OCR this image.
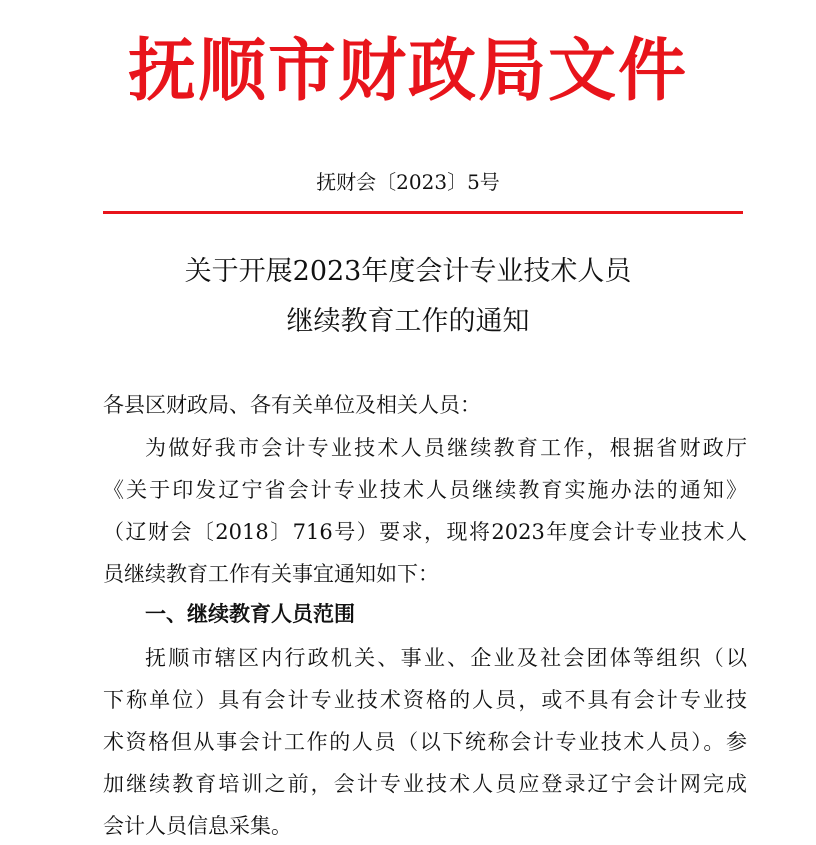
抚顺市财政局文件
抚财会〔2023〕5号
关于开展2023年度会计专业技术人员
继续教育工作的通知
各县区财政局、各有关单位及相关人员：
为做好我市会计专业技术人员继续教育工作，根据省财政厅
《关于印发辽宁省会计专业技术人员继续教育实施办法的通知》
（辽财会〔2018〕716号）要求，现将2023年度会计专业技术人
员继续教育工作有关事宜通知如下：
一、继续教育人员范围
抚顺市辖区内行政机关、事业、企业及社会团体等组织（以
下称单位）具有会计专业技术资格的人员，或不具有会计专业技
术资格但从事会计工作的人员（以下统称会计专业技术人员）。参
加继续教育培训之前，会计专业技术人员应登录辽宁会计网完成
会计人员信息采集。
